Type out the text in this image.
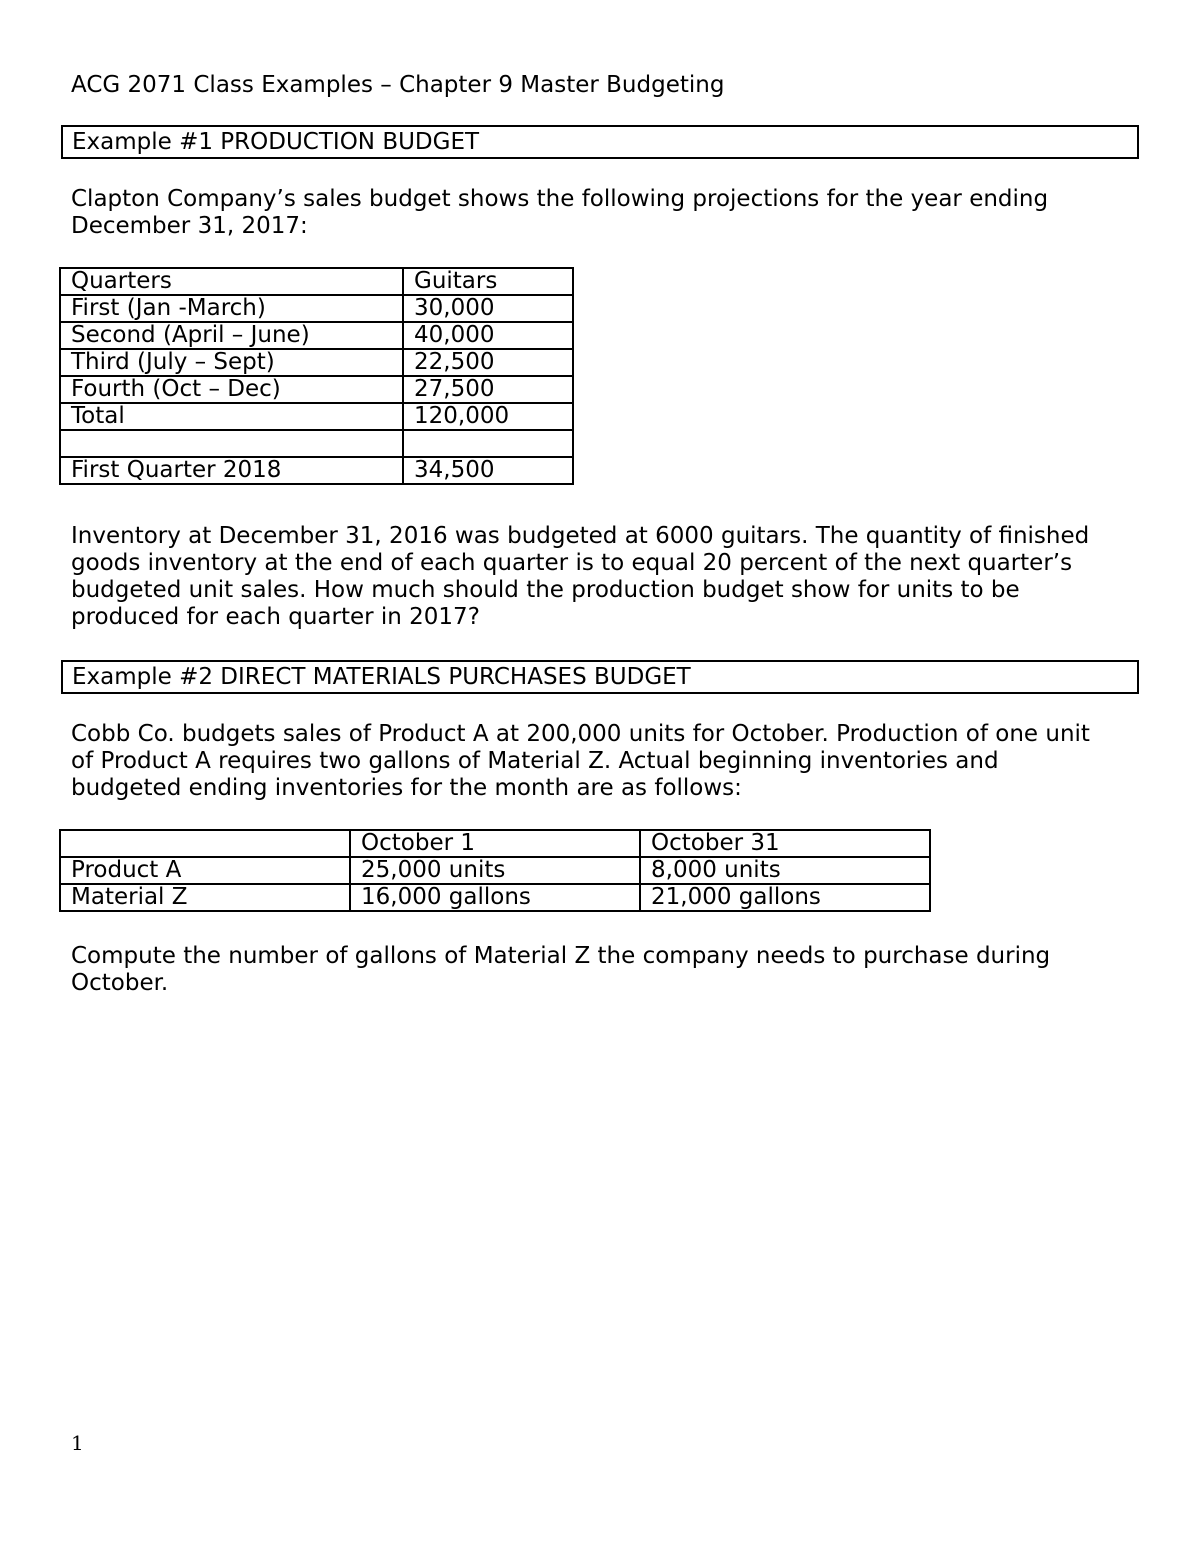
ACG 2071 Class Examples – Chapter 9 Master Budgeting
Example #1 PRODUCTION BUDGET
Clapton Company’s sales budget shows the following projections for the year ending
December 31, 2017:
Quarters	Guitars
First (Jan -March)	30,000
Second (April – June)	40,000
Third (July – Sept)	22,500
Fourth (Oct – Dec)	27,500
Total	120,000

First Quarter 2018	34,500
Inventory at December 31, 2016 was budgeted at 6000 guitars. The quantity of finished
goods inventory at the end of each quarter is to equal 20 percent of the next quarter’s
budgeted unit sales. How much should the production budget show for units to be
produced for each quarter in 2017?
Example #2 DIRECT MATERIALS PURCHASES BUDGET
Cobb Co. budgets sales of Product A at 200,000 units for October. Production of one unit
of Product A requires two gallons of Material Z. Actual beginning inventories and
budgeted ending inventories for the month are as follows:
	October 1	October 31
Product A	25,000 units	8,000 units
Material Z	16,000 gallons	21,000 gallons
Compute the number of gallons of Material Z the company needs to purchase during
October.
1
